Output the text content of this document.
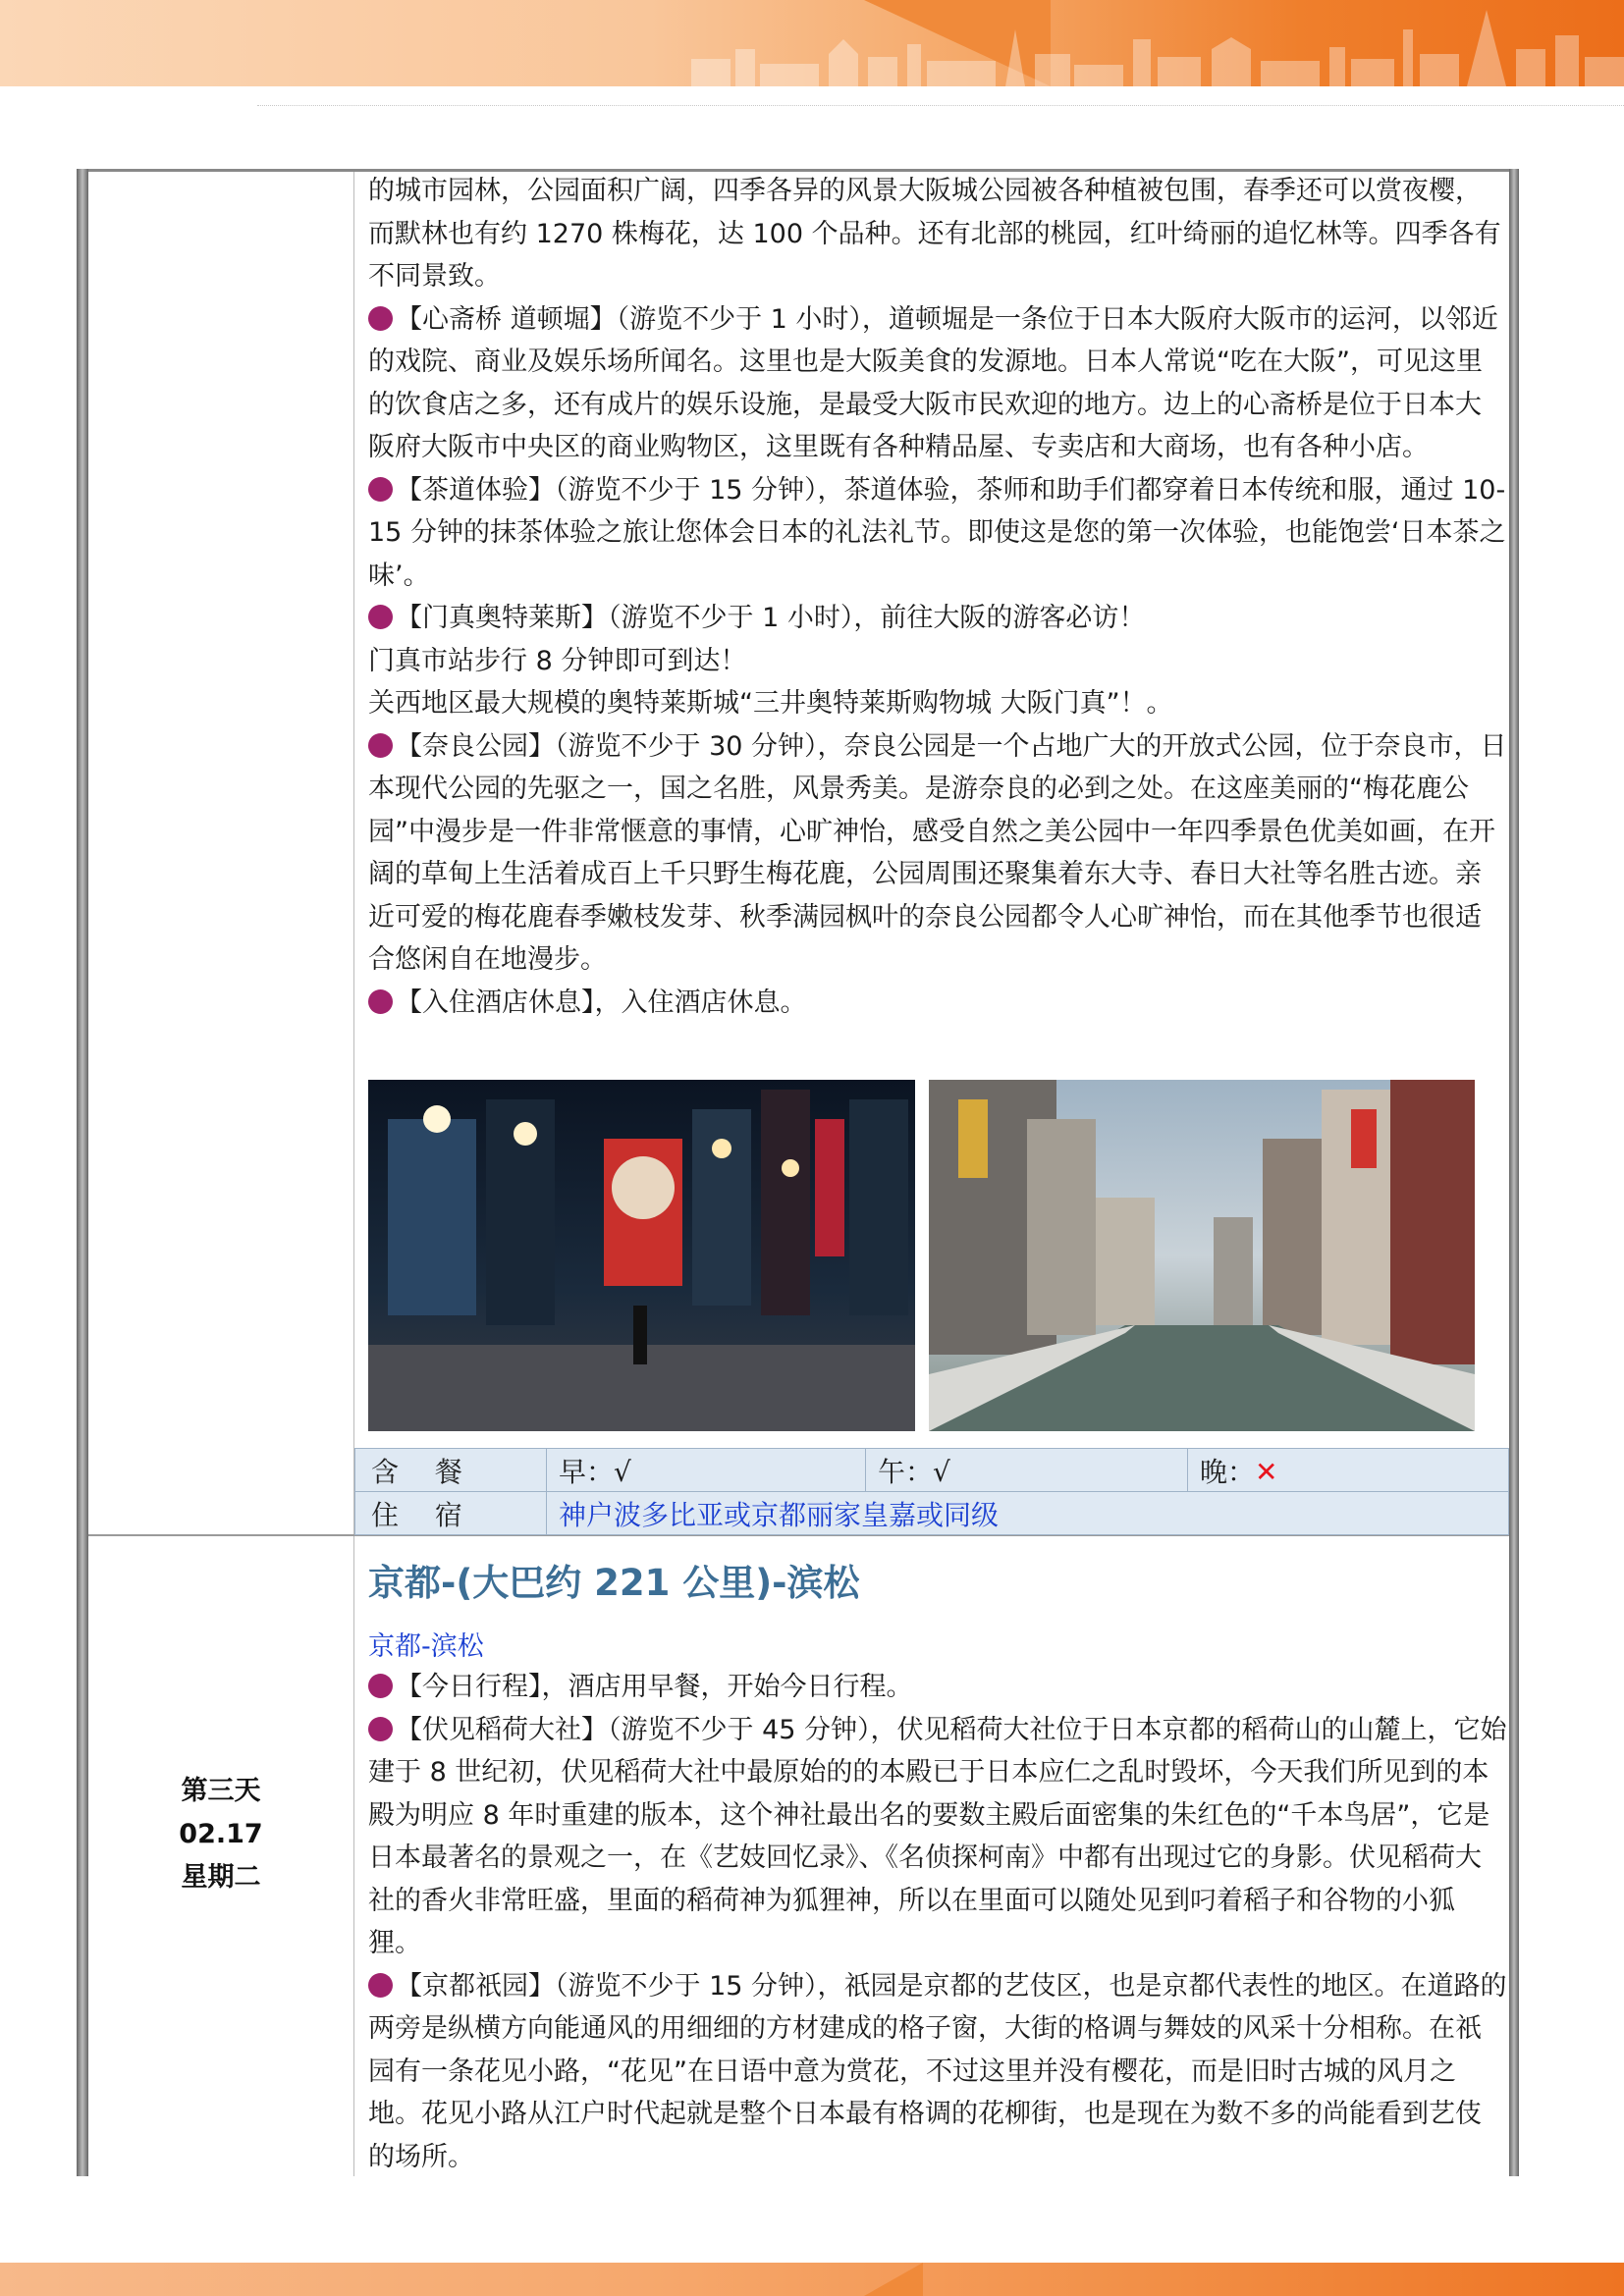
的城市园林，公园面积广阔，四季各异的风景大阪城公园被各种植被包围，春季还可以赏夜樱，而默林也有约 1270 株梅花，达 100 个品种。还有北部的桃园，红叶绮丽的追忆林等。四季各有不同景致。
【心斋桥 道顿堀】（游览不少于 1 小时），道顿堀是一条位于日本大阪府大阪市的运河，以邻近的戏院、商业及娱乐场所闻名。这里也是大阪美食的发源地。日本人常说“吃在大阪”，可见这里的饮食店之多，还有成片的娱乐设施，是最受大阪市民欢迎的地方。边上的心斋桥是位于日本大阪府大阪市中央区的商业购物区，这里既有各种精品屋、专卖店和大商场，也有各种小店。
【茶道体验】（游览不少于 15 分钟），茶道体验，茶师和助手们都穿着日本传统和服，通过 10-15 分钟的抹茶体验之旅让您体会日本的礼法礼节。即使这是您的第一次体验，也能饱尝‘日本茶之味’。
【门真奥特莱斯】（游览不少于 1 小时），前往大阪的游客必访！
门真市站步行 8 分钟即可到达！
关西地区最大规模的奥特莱斯城“三井奥特莱斯购物城 大阪门真”！。
【奈良公园】（游览不少于 30 分钟），奈良公园是一个占地广大的开放式公园，位于奈良市，日本现代公园的先驱之一，国之名胜，风景秀美。是游奈良的必到之处。在这座美丽的“梅花鹿公园”中漫步是一件非常惬意的事情，心旷神怡，感受自然之美公园中一年四季景色优美如画，在开阔的草甸上生活着成百上千只野生梅花鹿，公园周围还聚集着东大寺、春日大社等名胜古迹。亲近可爱的梅花鹿春季嫩枝发芽、秋季满园枫叶的奈良公园都令人心旷神怡，而在其他季节也很适合悠闲自在地漫步。
【入住酒店休息】，入住酒店休息。
含 餐	早：√	午：√	晚：✕
住 宿	神户波多比亚或京都丽家皇嘉或同级		
第三天
02.17
星期二
京都-(大巴约 221 公里)-滨松
京都-滨松
【今日行程】，酒店用早餐，开始今日行程。
【伏见稻荷大社】（游览不少于 45 分钟），伏见稻荷大社位于日本京都的稻荷山的山麓上，它始建于 8 世纪初，伏见稻荷大社中最原始的的本殿已于日本应仁之乱时毁坏，今天我们所见到的本殿为明应 8 年时重建的版本，这个神社最出名的要数主殿后面密集的朱红色的“千本鸟居”，它是日本最著名的景观之一，在《艺妓回忆录》、《名侦探柯南》中都有出现过它的身影。伏见稻荷大社的香火非常旺盛，里面的稻荷神为狐狸神，所以在里面可以随处见到叼着稻子和谷物的小狐狸。
【京都祇园】（游览不少于 15 分钟），祇园是京都的艺伎区，也是京都代表性的地区。在道路的两旁是纵横方向能通风的用细细的方材建成的格子窗，大街的格调与舞妓的风采十分相称。在祇园有一条花见小路，“花见”在日语中意为赏花，不过这里并没有樱花，而是旧时古城的风月之地。花见小路从江户时代起就是整个日本最有格调的花柳街，也是现在为数不多的尚能看到艺伎的场所。
